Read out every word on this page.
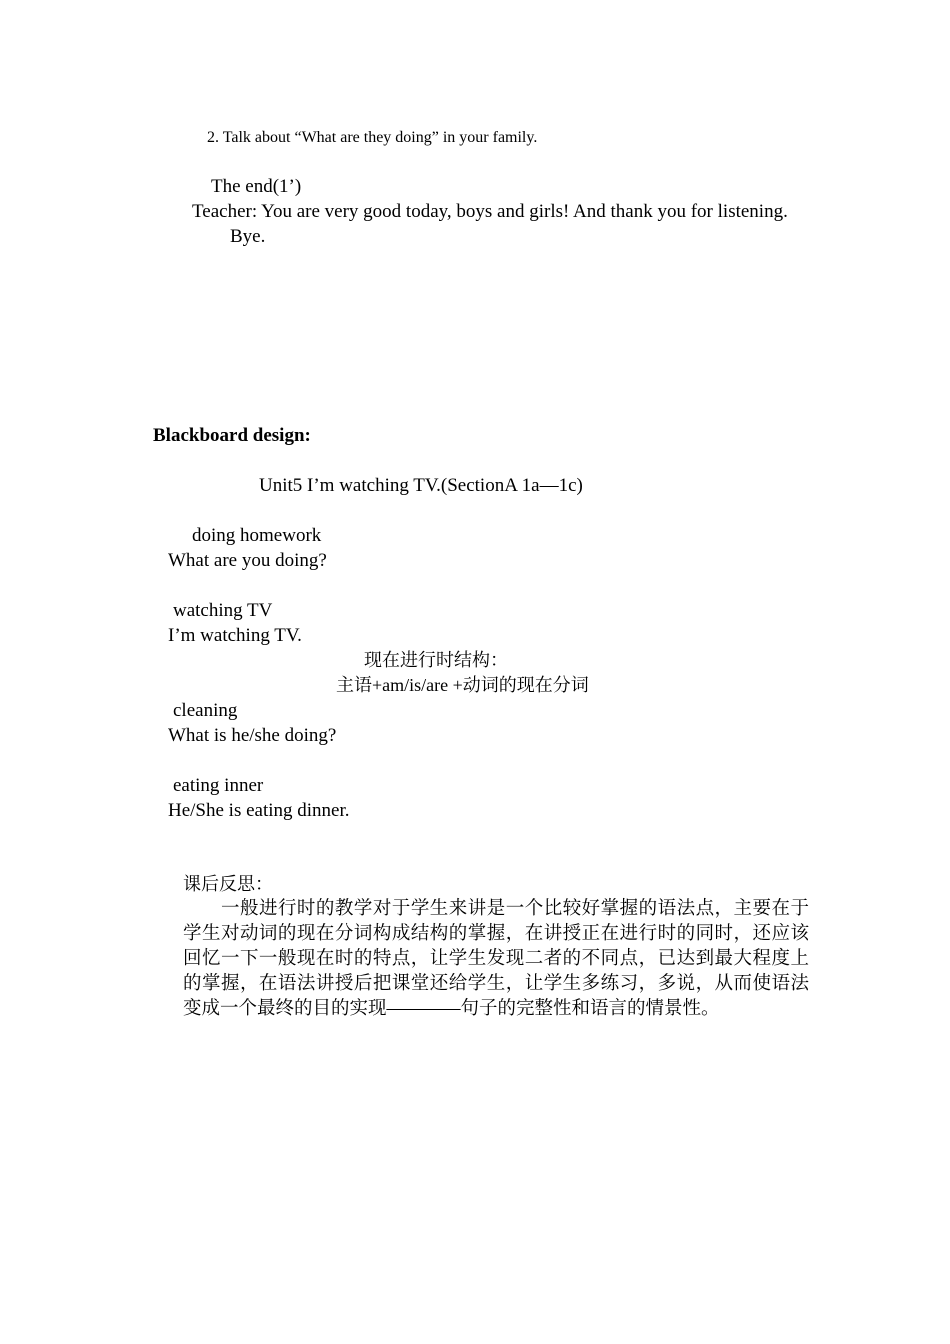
2. Talk about “What are they doing” in your family.
The end(1’)
Teacher: You are very good today, boys and girls! And thank you for listening.
Bye.
Blackboard design:
Unit5 I’m watching TV.(SectionA 1a—1c)
doing homework
What are you doing?
watching TV
I’m watching TV.
现在进行时结构：
主语+am/is/are +动词的现在分词
cleaning
What is he/she doing?
eating inner
He/She is eating dinner.
课后反思：
一般进行时的教学对于学生来讲是一个比较好掌握的语法点，主要在于学生对动词的现在分词构成结构的掌握，在讲授正在进行时的同时，还应该回忆一下一般现在时的特点，让学生发现二者的不同点，已达到最大程度上的掌握，在语法讲授后把课堂还给学生，让学生多练习，多说，从而使语法变成一个最终的目的实现————句子的完整性和语言的情景性。
